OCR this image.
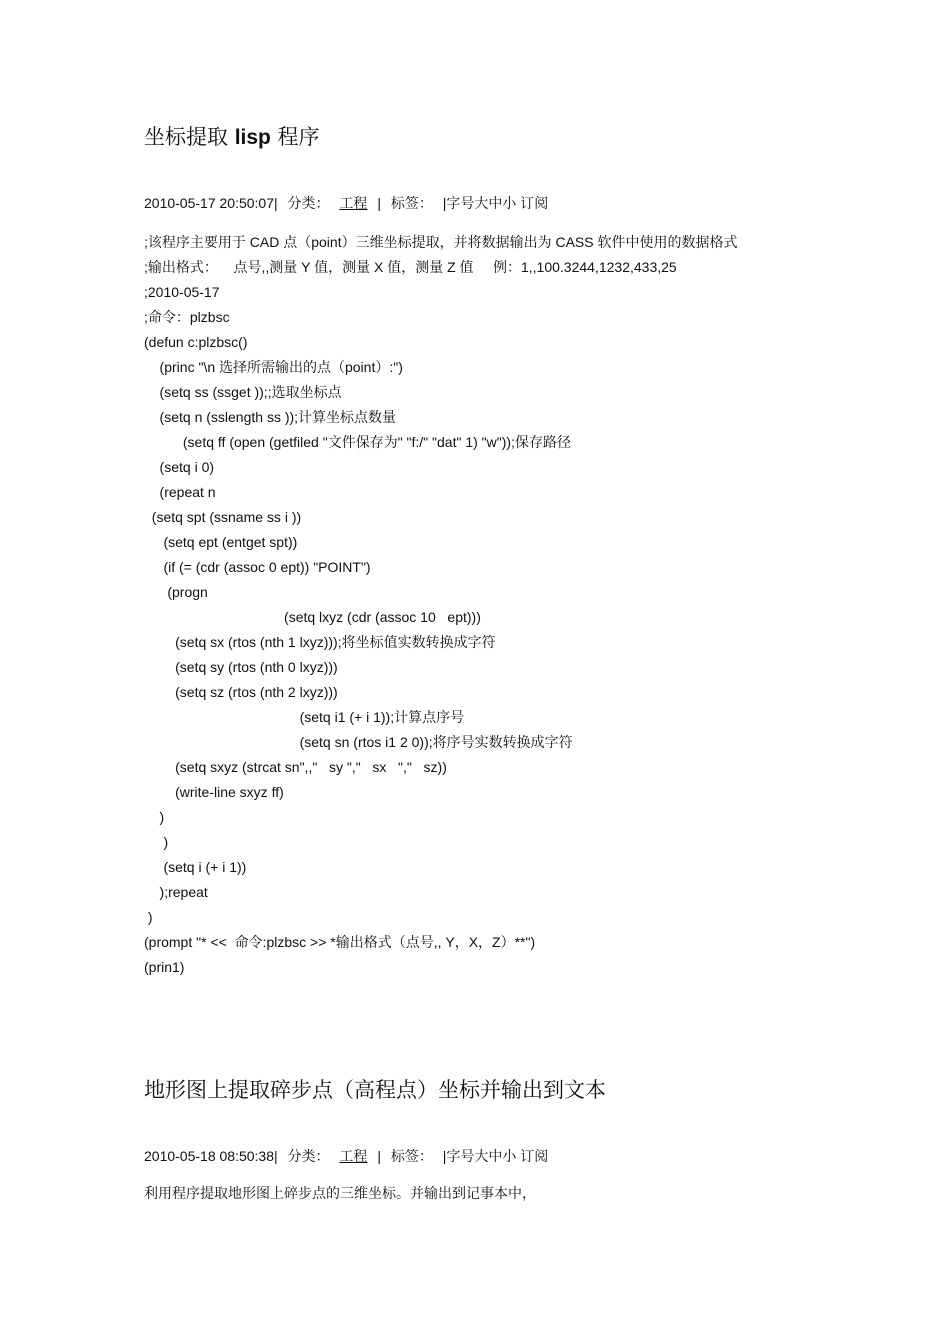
坐标提取 lisp 程序
2010-05-17 20:50:07| 分类： 工程 | 标签： |字号大中小 订阅
;该程序主要用于 CAD 点（point）三维坐标提取，并将数据输出为 CASS 软件中使用的数据格式
;输出格式：    点号,,测量 Y 值，测量 X 值，测量 Z 值     例：1,,100.3244,1232,433,25
;2010-05-17
;命令：plzbsc
(defun c:plzbsc()
(princ "\n 选择所需输出的点（point）:")
(setq ss (ssget ));;选取坐标点
(setq n (sslength ss ));计算坐标点数量
(setq ff (open (getfiled "文件保存为" "f:/" "dat" 1) "w"));保存路径
(setq i 0)
(repeat n
(setq spt (ssname ss i ))
(setq ept (entget spt))
(if (= (cdr (assoc 0 ept)) "POINT")
(progn
(setq lxyz (cdr (assoc 10   ept)))
(setq sx (rtos (nth 1 lxyz)));将坐标值实数转换成字符
(setq sy (rtos (nth 0 lxyz)))
(setq sz (rtos (nth 2 lxyz)))
(setq i1 (+ i 1));计算点序号
(setq sn (rtos i1 2 0));将序号实数转换成字符
(setq sxyz (strcat sn",,"   sy ","   sx   ","   sz))
(write-line sxyz ff)
)
)
(setq i (+ i 1))
);repeat
)
(prompt "* <<  命令:plzbsc >> *输出格式（点号,, Y，X，Z）**")
(prin1)
地形图上提取碎步点（高程点）坐标并输出到文本
2010-05-18 08:50:38| 分类： 工程 | 标签： |字号大中小 订阅
利用程序提取地形图上碎步点的三维坐标。并输出到记事本中，
